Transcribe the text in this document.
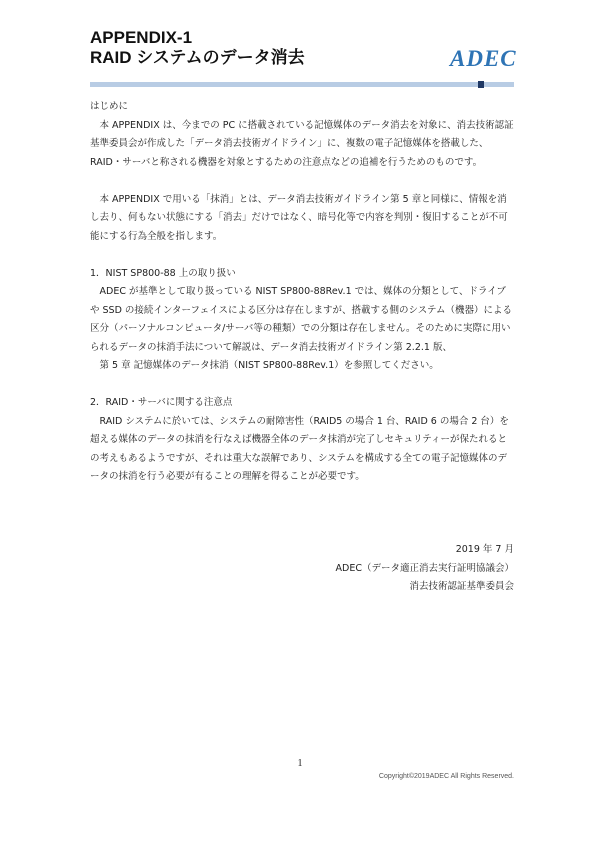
APPENDIX-1
RAID システムのデータ消去	ADEC

はじめに

本 APPENDIX は、今までの PC に搭載されている記憶媒体のデータ消去を対象に、消去技術認証基準委員会が作成した「データ消去技術ガイドライン」に、複数の電子記憶媒体を搭載した、RAID・サーバと称される機器を対象とするための注意点などの追補を行うためのものです。

本 APPENDIX で用いる「抹消」とは、データ消去技術ガイドライン第 5 章と同様に、情報を消し去り、何もない状態にする「消去」だけではなく、暗号化等で内容を判別・復旧することが不可能にする行為全般を指します。

1．NIST SP800-88 上の取り扱い

ADEC が基準として取り扱っている NIST SP800-88Rev.1 では、媒体の分類として、ドライブや SSD の接続インターフェイスによる区分は存在しますが、搭載する側のシステム（機器）による区分（パーソナルコンピュータ/サーバ等の種類）での分類は存在しません。そのために実際に用いられるデータの抹消手法について解説は、データ消去技術ガイドライン第 2.2.1 版、

第 5 章 記憶媒体のデータ抹消（NIST SP800-88Rev.1）を参照してください。

2．RAID・サーバに関する注意点

RAID システムに於いては、システムの耐障害性（RAID5 の場合 1 台、RAID 6 の場合 2 台）を超える媒体のデータの抹消を行なえば機器全体のデータ抹消が完了しセキュリティーが保たれるとの考えもあるようですが、それは重大な誤解であり、システムを構成する全ての電子記憶媒体のデータの抹消を行う必要が有ることの理解を得ることが必要です。

2019 年 7 月

ADEC（データ適正消去実行証明協議会）

消去技術認証基準委員会

1
Copyright©2019ADEC All Rights Reserved.
